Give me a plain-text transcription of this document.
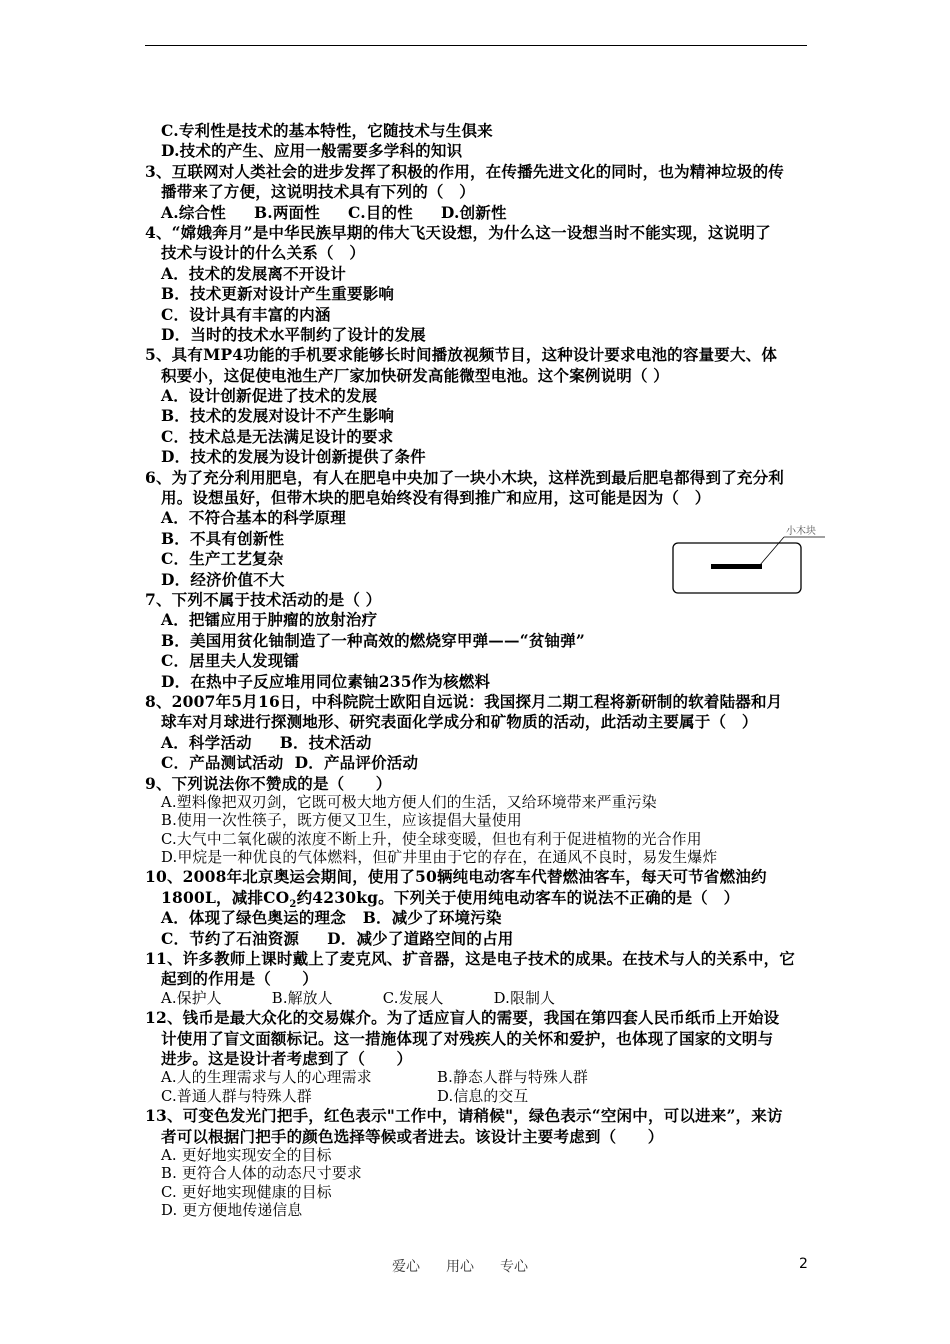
C.专利性是技术的基本特性，它随技术与生俱来
D.技术的产生、应用一般需要多学科的知识
3、互联网对人类社会的进步发挥了积极的作用，在传播先进文化的同时，也为精神垃圾的传
播带来了方便，这说明技术具有下列的（　）
A.综合性 B.两面性 C.目的性 D.创新性
4、“嫦娥奔月”是中华民族早期的伟大飞天设想，为什么这一设想当时不能实现，这说明了
技术与设计的什么关系（　）
A．技术的发展离不开设计
B．技术更新对设计产生重要影响
C．设计具有丰富的内涵
D．当时的技术水平制约了设计的发展
5、具有MP4功能的手机要求能够长时间播放视频节目，这种设计要求电池的容量要大、体
积要小，这促使电池生产厂家加快研发高能微型电池。这个案例说明（ ）
A．设计创新促进了技术的发展
B．技术的发展对设计不产生影响
C．技术总是无法满足设计的要求
D．技术的发展为设计创新提供了条件
6、为了充分利用肥皂，有人在肥皂中央加了一块小木块，这样洗到最后肥皂都得到了充分利
用。设想虽好，但带木块的肥皂始终没有得到推广和应用，这可能是因为（　）
A．不符合基本的科学原理
B．不具有创新性
C．生产工艺复杂
D．经济价值不大
7、下列不属于技术活动的是（ ）
A．把镭应用于肿瘤的放射治疗
B．美国用贫化铀制造了一种高效的燃烧穿甲弹——“贫铀弹”
C．居里夫人发现镭
D．在热中子反应堆用同位素铀235作为核燃料
8、2007年5月16日，中科院院士欧阳自远说：我国探月二期工程将新研制的软着陆器和月
球车对月球进行探测地形、研究表面化学成分和矿物质的活动，此活动主要属于（　）
A．科学活动 B．技术活动
C．产品测试活动 D．产品评价活动
9、下列说法你不赞成的是（　　）
A.塑料像把双刃剑，它既可极大地方便人们的生活，又给环境带来严重污染
B.使用一次性筷子，既方便又卫生，应该提倡大量使用
C.大气中二氧化碳的浓度不断上升，使全球变暖，但也有利于促进植物的光合作用
D.甲烷是一种优良的气体燃料，但矿井里由于它的存在，在通风不良时，易发生爆炸
10、2008年北京奥运会期间，使用了50辆纯电动客车代替燃油客车，每天可节省燃油约
1800L，减排$CO_2$约4230kg。下列关于使用纯电动客车的说法不正确的是（　）
A．体现了绿色奥运的理念 B．减少了环境污染
C．节约了石油资源 D．减少了道路空间的占用
11、许多教师上课时戴上了麦克风、扩音器，这是电子技术的成果。在技术与人的关系中，它
起到的作用是（　　）
A.保护人	B.解放人	C.发展人	D.限制人
12、钱币是最大众化的交易媒介。为了适应盲人的需要，我国在第四套人民币纸币上开始设
计使用了盲文面额标记。这一措施体现了对残疾人的关怀和爱护，也体现了国家的文明与
进步。这是设计者考虑到了（　　）
A.人的生理需求与人的心理需求	B.静态人群与特殊人群
C.普通人群与特殊人群	D.信息的交互
13、可变色发光门把手，红色表示"工作中，请稍候"，绿色表示“空闲中，可以进来”，来访
者可以根据门把手的颜色选择等候或者进去。该设计主要考虑到（　　）
A. 更好地实现安全的目标
B. 更符合人体的动态尺寸要求
C. 更好地实现健康的目标
D. 更方便地传递信息
小木块
爱心 用心 专心	2
